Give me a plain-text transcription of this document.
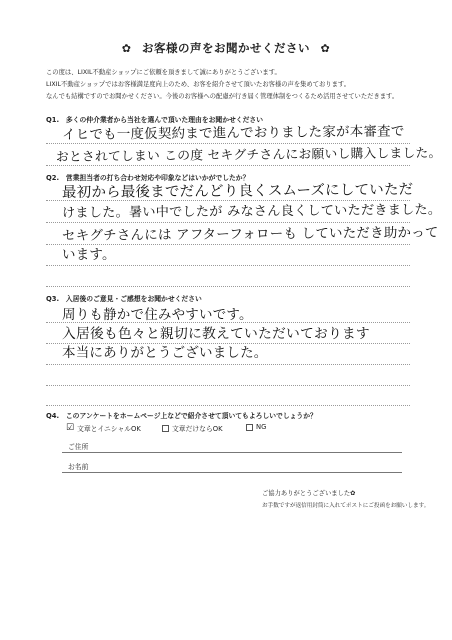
✿ お客様の声をお聞かせください ✿
この度は、LIXIL不動産ショップにご依頼を頂きまして誠にありがとうございます。
LIXIL不動産ショップではお客様満足度向上のため、お客を紹介させて頂いたお客様の声を集めております。
なんでも結構ですのでお聞かせください。今後のお客様への配慮が行き届く管理体制をつくるため活用させていただきます。
Q1.　多くの仲介業者から当社を選んで頂いた理由をお聞かせください
イヒでも一度仮契約まで進んでおりました家が本審査で
おとされてしまい この度 セキグチさんにお願いし購入しました。
Q2.　営業担当者の打ち合わせ対応や印象などはいかがでしたか？
最初から最後までだんどり良くスムーズにしていただ
けました。暑い中でしたが みなさん良くしていただきました。
セキグチさんには アフターフォローも していただき助かって
います。
Q3.　入居後のご意見・ご感想をお聞かせください
周りも静かで住みやすいです。
入居後も色々と親切に教えていただいております
本当にありがとうございました。
Q4.　このアンケートをホームページ上などで紹介させて頂いてもよろしいでしょうか？
☑ 文章とイニシャルOK	文章だけならOK	NG
ご住所
お名前
ご協力ありがとうございました✿
お手数ですが返信用封筒に入れてポストにご投函をお願いします。
